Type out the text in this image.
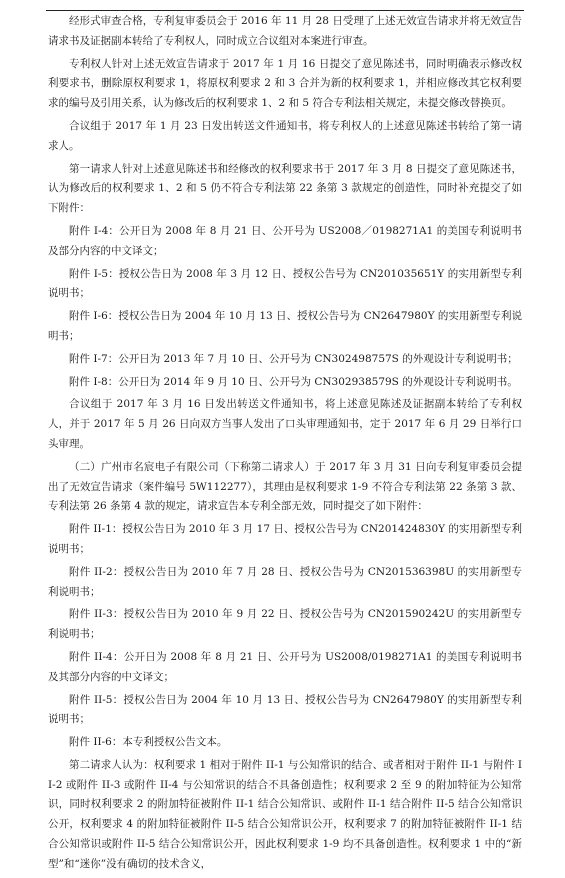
经形式审查合格，专利复审委员会于 2016 年 11 月 28 日受理了上述无效宣告请求并将无效宣告请求书及证据副本转给了专利权人，同时成立合议组对本案进行审查。

专利权人针对上述无效宣告请求于 2017 年 1 月 16 日提交了意见陈述书，同时明确表示修改权利要求书，删除原权利要求 1，将原权利要求 2 和 3 合并为新的权利要求 1，并相应修改其它权利要求的编号及引用关系，认为修改后的权利要求 1、2 和 5 符合专利法相关规定，未提交修改替换页。

合议组于 2017 年 1 月 23 日发出转送文件通知书，将专利权人的上述意见陈述书转给了第一请求人。

第一请求人针对上述意见陈述书和经修改的权利要求书于 2017 年 3 月 8 日提交了意见陈述书，认为修改后的权利要求 1、2 和 5 仍不符合专利法第 22 条第 3 款规定的创造性，同时补充提交了如下附件：

附件 I-4：公开日为 2008 年 8 月 21 日、公开号为 US2008／0198271A1 的美国专利说明书及部分内容的中文译文；

附件 I-5：授权公告日为 2008 年 3 月 12 日、授权公告号为 CN201035651Y 的实用新型专利说明书；

附件 I-6：授权公告日为 2004 年 10 月 13 日、授权公告号为 CN2647980Y 的实用新型专利说明书；

附件 I-7：公开日为 2013 年 7 月 10 日、公开号为 CN302498757S 的外观设计专利说明书；

附件 I-8：公开日为 2014 年 9 月 10 日、公开号为 CN302938579S 的外观设计专利说明书。

合议组于 2017 年 3 月 16 日发出转送文件通知书，将上述意见陈述及证据副本转给了专利权人，并于 2017 年 5 月 26 日向双方当事人发出了口头审理通知书，定于 2017 年 6 月 29 日举行口头审理。

（二）广州市名宸电子有限公司（下称第二请求人）于 2017 年 3 月 31 日向专利复审委员会提出了无效宣告请求（案件编号 5W112277），其理由是权利要求 1-9 不符合专利法第 22 条第 3 款、专利法第 26 条第 4 款的规定，请求宣告本专利全部无效，同时提交了如下附件：

附件 II-1：授权公告日为 2010 年 3 月 17 日、授权公告号为 CN201424830Y 的实用新型专利说明书；

附件 II-2：授权公告日为 2010 年 7 月 28 日、授权公告号为 CN201536398U 的实用新型专利说明书；

附件 II-3：授权公告日为 2010 年 9 月 22 日、授权公告号为 CN201590242U 的实用新型专利说明书；

附件 II-4：公开日为 2008 年 8 月 21 日、公开号为 US2008/0198271A1 的美国专利说明书及其部分内容的中文译文；

附件 II-5：授权公告日为 2004 年 10 月 13 日、授权公告号为 CN2647980Y 的实用新型专利说明书；

附件 II-6：本专利授权公告文本。

第二请求人认为：权利要求 1 相对于附件 II-1 与公知常识的结合、或者相对于附件 II-1 与附件 II-2 或附件 II-3 或附件 II-4 与公知常识的结合不具备创造性；权利要求 2 至 9 的附加特征为公知常识，同时权利要求 2 的附加特征被附件 II-1 结合公知常识、或附件 II-1 结合附件 II-5 结合公知常识公开，权利要求 4 的附加特征被附件 II-5 结合公知常识公开，权利要求 7 的附加特征被附件 II-1 结合公知常识或附件 II-5 结合公知常识公开，因此权利要求 1-9 均不具备创造性。权利要求 1 中的“新型”和“迷你”没有确切的技术含义，
